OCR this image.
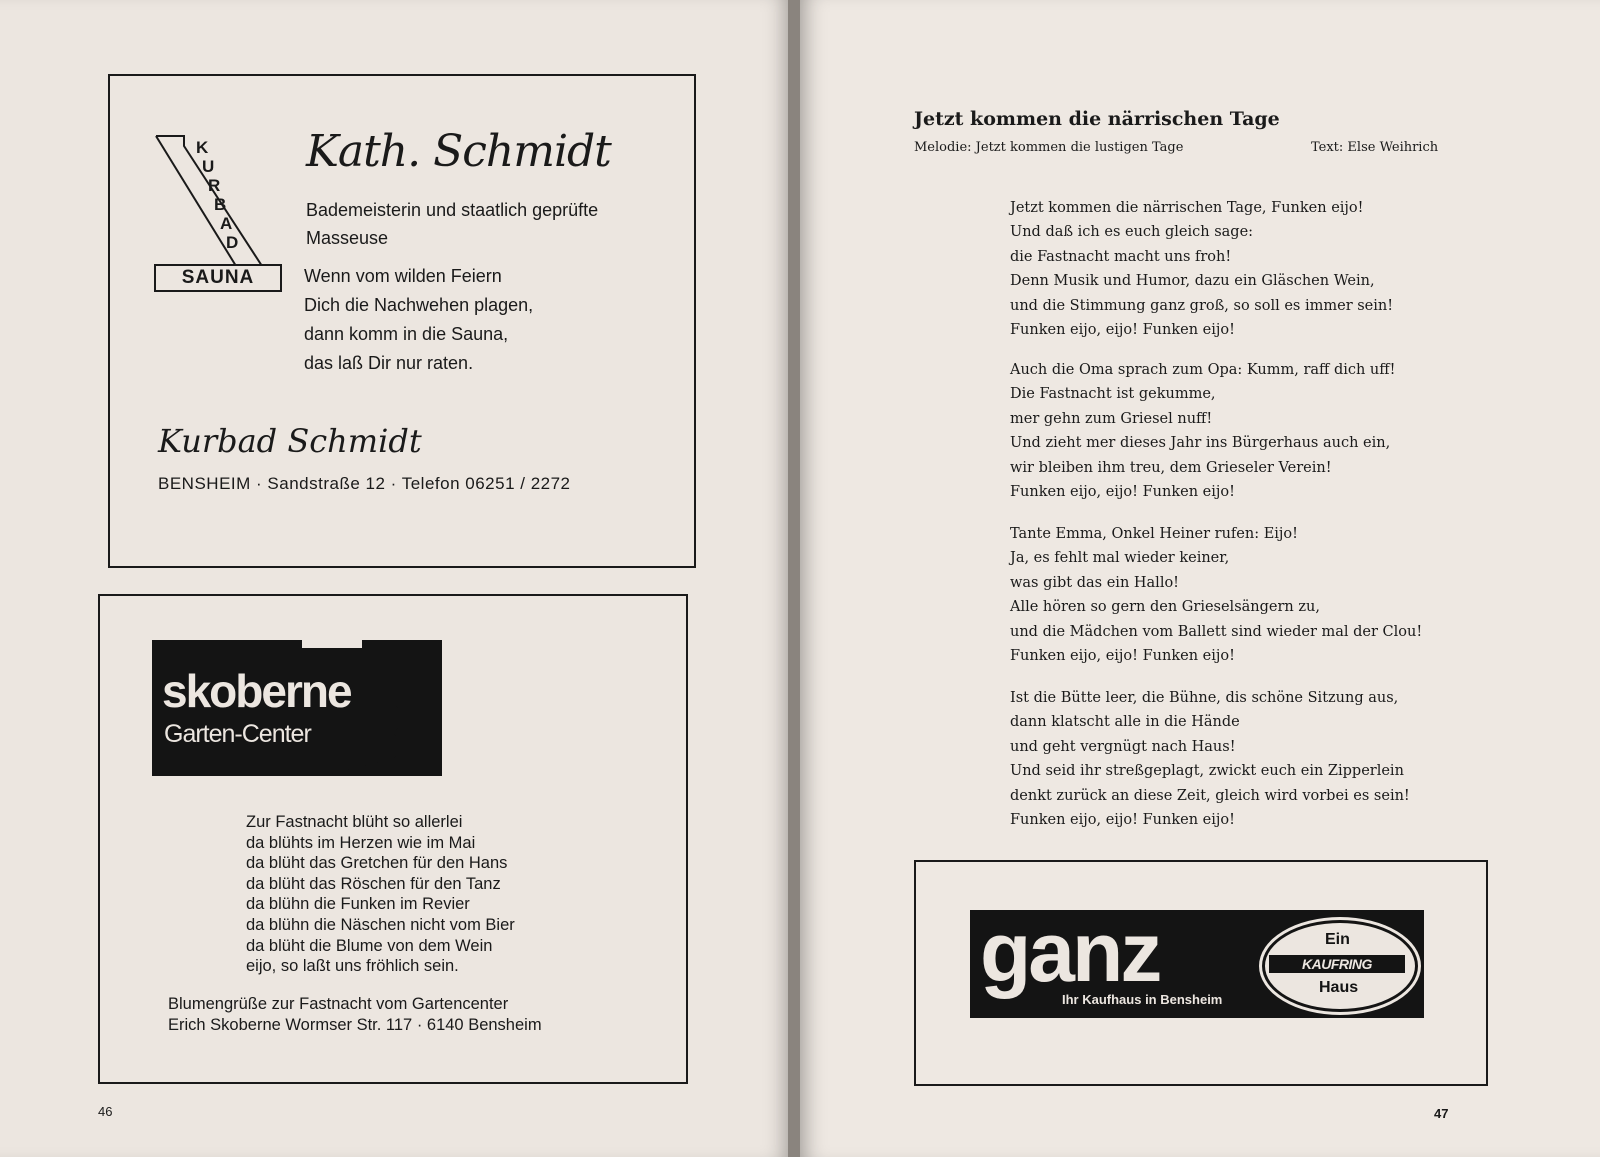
K
U
R
B
A
D
SAUNA
Kath. Schmidt
Bademeisterin und staatlich geprüfte
Masseuse
Wenn vom wilden Feiern
Dich die Nachwehen plagen,
dann komm in die Sauna,
das laß Dir nur raten.
Kurbad Schmidt
BENSHEIM · Sandstraße 12 · Telefon 06251 / 2272
skoberne
Garten-Center
Zur Fastnacht blüht so allerlei
da blühts im Herzen wie im Mai
da blüht das Gretchen für den Hans
da blüht das Röschen für den Tanz
da blühn die Funken im Revier
da blühn die Näschen nicht vom Bier
da blüht die Blume von dem Wein
eijo, so laßt uns fröhlich sein.
Blumengrüße zur Fastnacht vom Gartencenter
Erich Skoberne Wormser Str. 117 · 6140 Bensheim
46
Jetzt kommen die närrischen Tage
Melodie: Jetzt kommen die lustigen Tage	Text: Else Weihrich
Jetzt kommen die närrischen Tage, Funken eijo!
Und daß ich es euch gleich sage:
die Fastnacht macht uns froh!
Denn Musik und Humor, dazu ein Gläschen Wein,
und die Stimmung ganz groß, so soll es immer sein!
Funken eijo, eijo! Funken eijo!
Auch die Oma sprach zum Opa: Kumm, raff dich uff!
Die Fastnacht ist gekumme,
mer gehn zum Griesel nuff!
Und zieht mer dieses Jahr ins Bürgerhaus auch ein,
wir bleiben ihm treu, dem Grieseler Verein!
Funken eijo, eijo! Funken eijo!
Tante Emma, Onkel Heiner rufen: Eijo!
Ja, es fehlt mal wieder keiner,
was gibt das ein Hallo!
Alle hören so gern den Grieselsängern zu,
und die Mädchen vom Ballett sind wieder mal der Clou!
Funken eijo, eijo! Funken eijo!
Ist die Bütte leer, die Bühne, dis schöne Sitzung aus,
dann klatscht alle in die Hände
und geht vergnügt nach Haus!
Und seid ihr streßgeplagt, zwickt euch ein Zipperlein
denkt zurück an diese Zeit, gleich wird vorbei es sein!
Funken eijo, eijo! Funken eijo!
47
ganz
Ihr Kaufhaus in Bensheim
Ein
KAUFRING
Haus
